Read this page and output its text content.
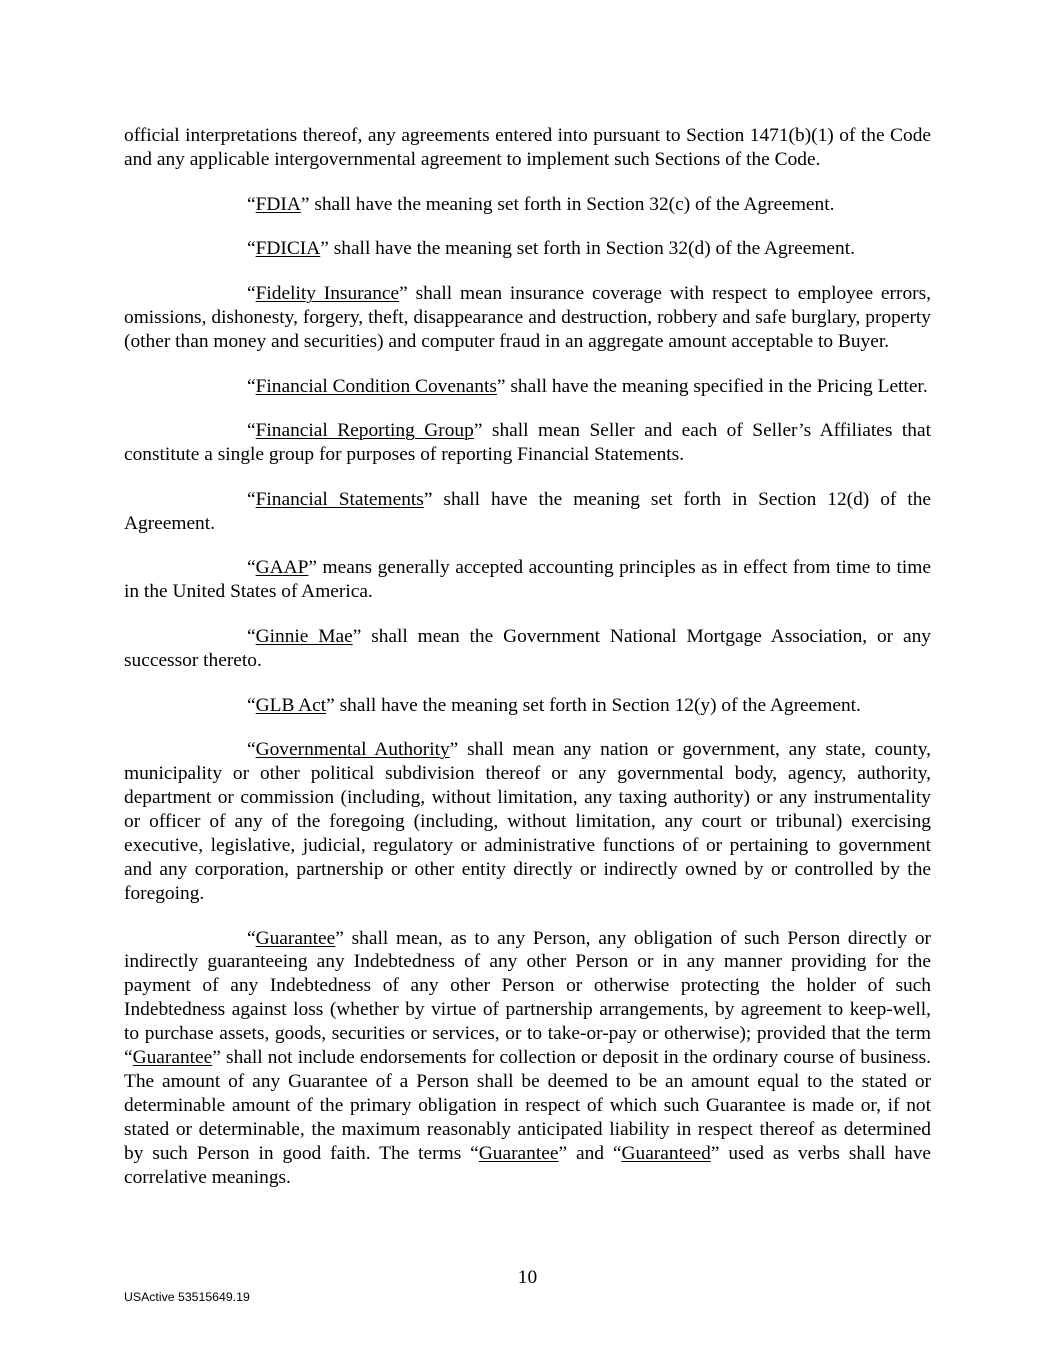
official interpretations thereof, any agreements entered into pursuant to Section 1471(b)(1) of the Code and any applicable intergovernmental agreement to implement such Sections of the Code.

“FDIA” shall have the meaning set forth in Section 32(c) of the Agreement.

“FDICIA” shall have the meaning set forth in Section 32(d) of the Agreement.

“Fidelity Insurance” shall mean insurance coverage with respect to employee errors, omissions, dishonesty, forgery, theft, disappearance and destruction, robbery and safe burglary, property (other than money and securities) and computer fraud in an aggregate amount acceptable to Buyer.

“Financial Condition Covenants” shall have the meaning specified in the Pricing Letter.

“Financial Reporting Group” shall mean Seller and each of Seller’s Affiliates that constitute a single group for purposes of reporting Financial Statements.

“Financial Statements” shall have the meaning set forth in Section 12(d) of the Agreement.

“GAAP” means generally accepted accounting principles as in effect from time to time in the United States of America.

“Ginnie Mae” shall mean the Government National Mortgage Association, or any successor thereto.

“GLB Act” shall have the meaning set forth in Section 12(y) of the Agreement.

“Governmental Authority” shall mean any nation or government, any state, county, municipality or other political subdivision thereof or any governmental body, agency, authority, department or commission (including, without limitation, any taxing authority) or any instrumentality or officer of any of the foregoing (including, without limitation, any court or tribunal) exercising executive, legislative, judicial, regulatory or administrative functions of or pertaining to government and any corporation, partnership or other entity directly or indirectly owned by or controlled by the foregoing.

“Guarantee” shall mean, as to any Person, any obligation of such Person directly or indirectly guaranteeing any Indebtedness of any other Person or in any manner providing for the payment of any Indebtedness of any other Person or otherwise protecting the holder of such Indebtedness against loss (whether by virtue of partnership arrangements, by agreement to keep-well, to purchase assets, goods, securities or services, or to take-or-pay or otherwise); provided that the term “Guarantee” shall not include endorsements for collection or deposit in the ordinary course of business. The amount of any Guarantee of a Person shall be deemed to be an amount equal to the stated or determinable amount of the primary obligation in respect of which such Guarantee is made or, if not stated or determinable, the maximum reasonably anticipated liability in respect thereof as determined by such Person in good faith. The terms “Guarantee” and “Guaranteed” used as verbs shall have correlative meanings.

10
USActive 53515649.19
